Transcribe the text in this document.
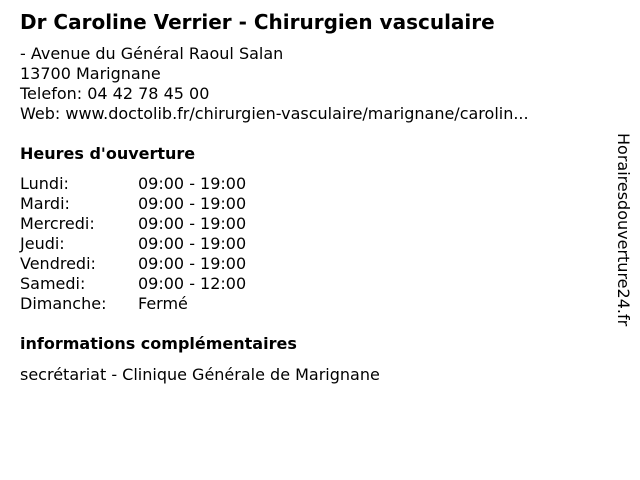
Dr Caroline Verrier - Chirurgien vasculaire
- Avenue du Général Raoul Salan
13700 Marignane
Telefon: 04 42 78 45 00
Web: www.doctolib.fr/chirurgien-vasculaire/marignane/carolin...
Heures d'ouverture
Lundi:	09:00 - 19:00
Mardi:	09:00 - 19:00
Mercredi:	09:00 - 19:00
Jeudi:	09:00 - 19:00
Vendredi:	09:00 - 19:00
Samedi:	09:00 - 12:00
Dimanche: Fermé
informations complémentaires
secrétariat - Clinique Générale de Marignane
Horairesdouverture24.fr
